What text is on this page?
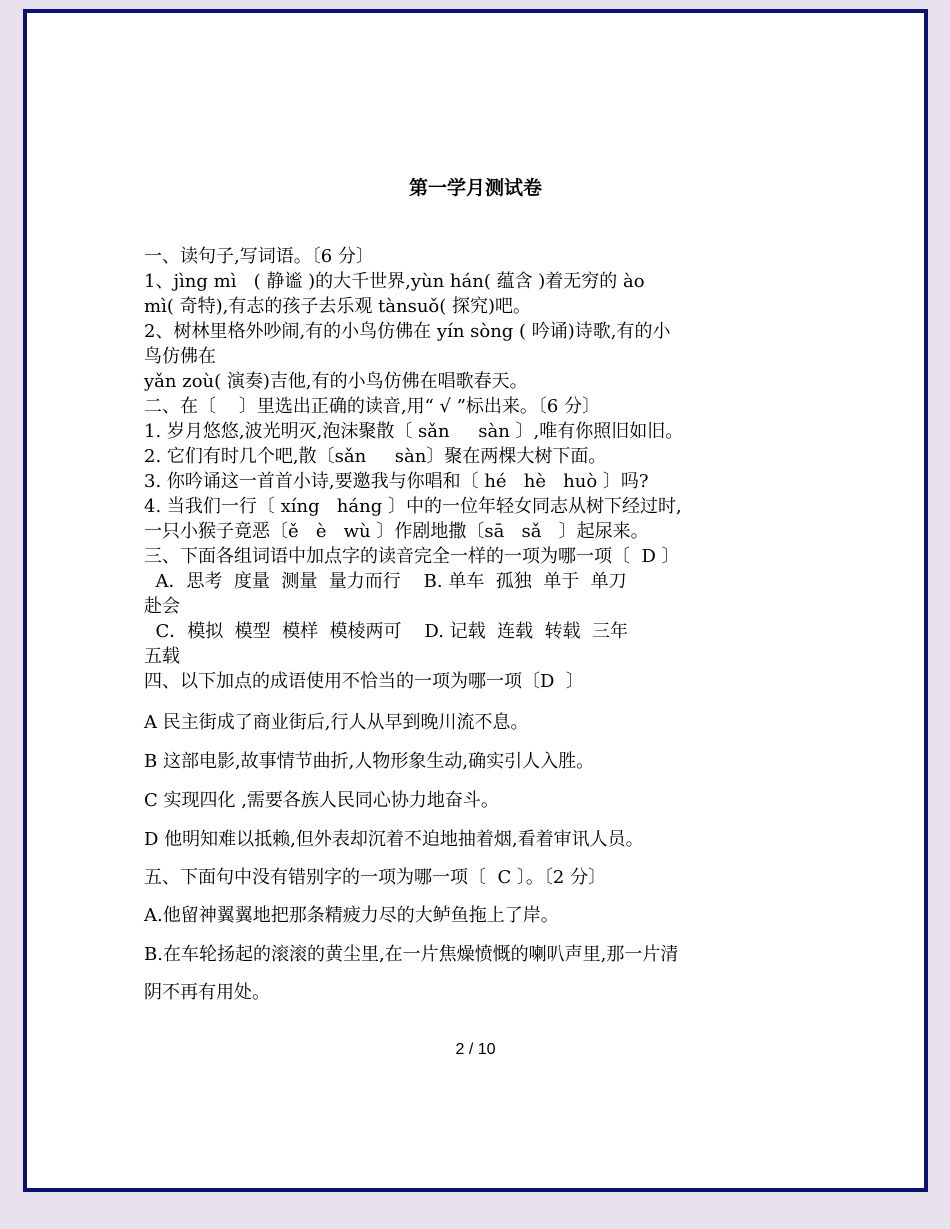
第一学月测试卷
一、读句子,写词语。〔6 分〕
1、jìng mì   ( 静谧 )的大千世界,yùn hán( 蕴含 )着无穷的 ào
mì( 奇特),有志的孩子去乐观 tànsuǒ( 探究)吧。
2、树林里格外吵闹,有的小鸟仿佛在 yín sòng ( 吟诵)诗歌,有的小
鸟仿佛在
yǎn zoù( 演奏)吉他,有的小鸟仿佛在唱歌春天。
二、在〔    〕里选出正确的读音,用“ √ ”标出来。〔6 分〕
1. 岁月悠悠,波光明灭,泡沫聚散〔 sǎn     sàn 〕,唯有你照旧如旧。
2. 它们有时几个吧,散〔sǎn     sàn〕聚在两棵大树下面。
3. 你吟诵这一首首小诗,要邀我与你唱和〔 hé   hè   huò 〕吗?
4. 当我们一行〔 xíng   háng 〕中的一位年轻女同志从树下经过时,
一只小猴子竟恶〔ě   è   wù 〕作剧地撒〔sā   sǎ   〕起尿来。
三、下面各组词语中加点字的读音完全一样的一项为哪一项〔  D 〕
A．思考  度量  测量  量力而行    B. 单车  孤独  单于  单刀
赴会
C．模拟  模型  模样  模棱两可    D. 记载  连载  转载  三年
五载
四、以下加点的成语使用不恰当的一项为哪一项〔D  〕
A 民主街成了商业街后,行人从早到晚川流不息。
B 这部电影,故事情节曲折,人物形象生动,确实引人入胜。
C 实现四化 ,需要各族人民同心协力地奋斗。
D 他明知难以抵赖,但外表却沉着不迫地抽着烟,看着审讯人员。
五、下面句中没有错别字的一项为哪一项〔  C 〕。〔2 分〕
A.他留神翼翼地把那条精疲力尽的大鲈鱼拖上了岸。
B.在车轮扬起的滚滚的黄尘里,在一片焦燥愤慨的喇叭声里,那一片清
阴不再有用处。
2 / 10
